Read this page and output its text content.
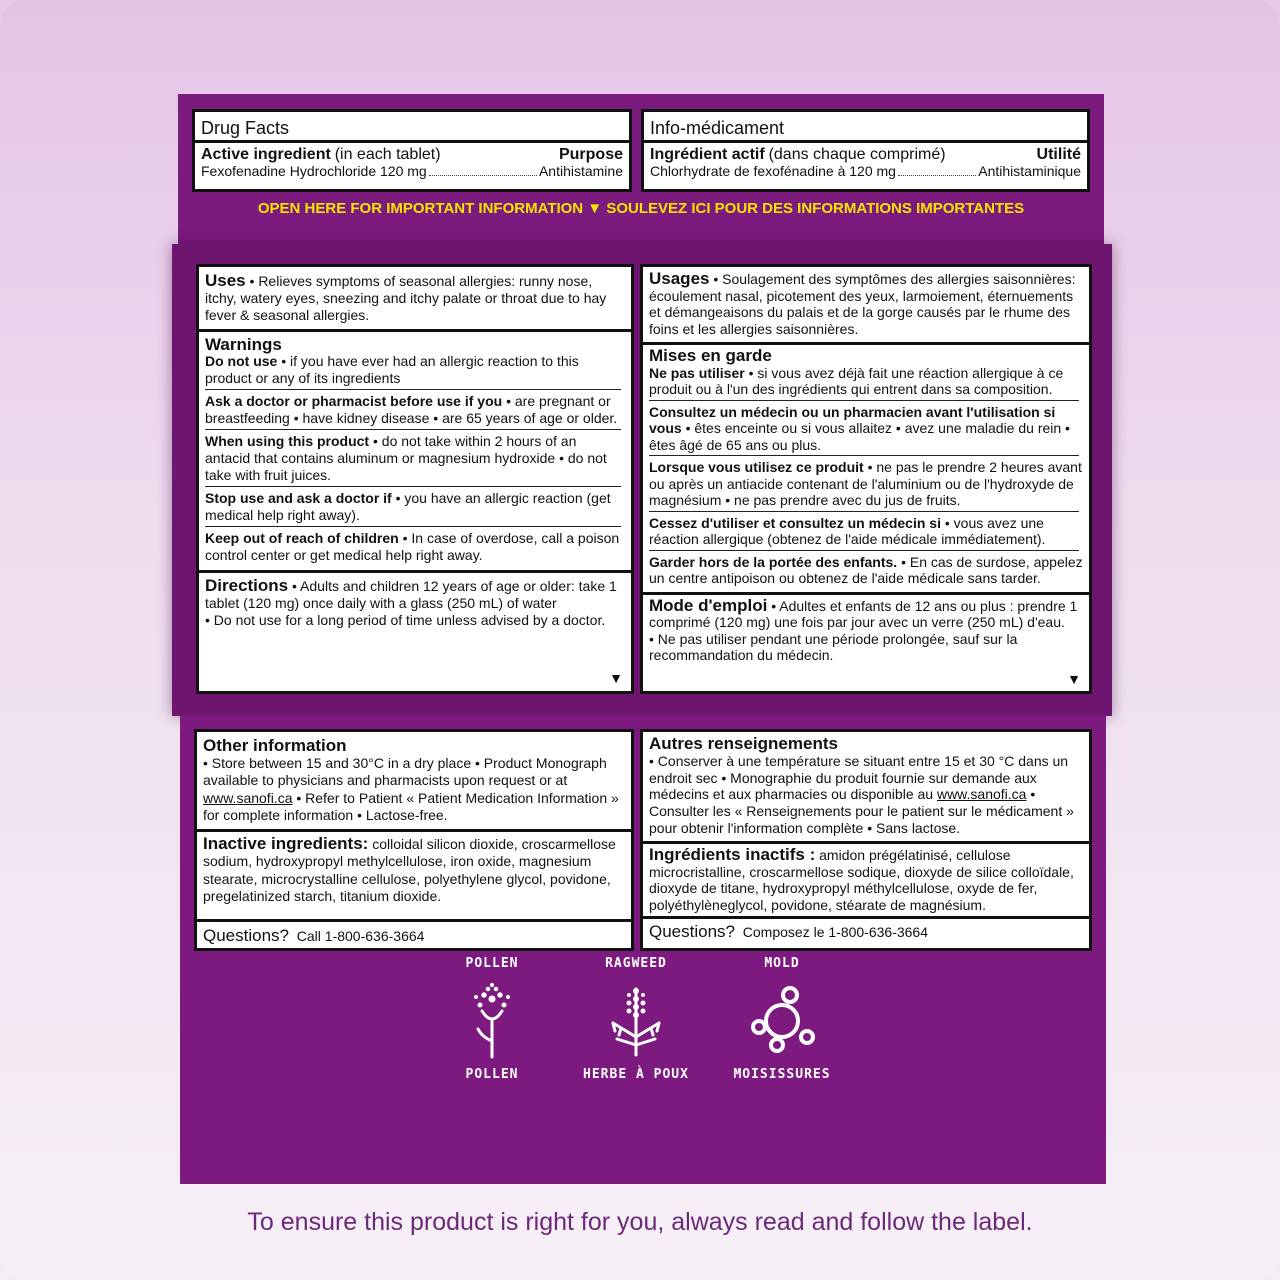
Drug Facts
Active ingredient (in each tablet)	Purpose
Fexofenadine Hydrochloride 120 mg	Antihistamine
Info-médicament
Ingrédient actif (dans chaque comprimé)	Utilité
Chlorhydrate de fexofénadine à 120 mg	Antihistaminique
OPEN HERE FOR IMPORTANT INFORMATION ▼ SOULEVEZ ICI POUR DES INFORMATIONS IMPORTANTES
Uses • Relieves symptoms of seasonal allergies: runny nose, itchy, watery eyes, sneezing and itchy palate or throat due to hay fever & seasonal allergies.
Warnings
Do not use • if you have ever had an allergic reaction to this product or any of its ingredients
Ask a doctor or pharmacist before use if you • are pregnant or breastfeeding • have kidney disease • are 65 years of age or older.
When using this product • do not take within 2 hours of an antacid that contains aluminum or magnesium hydroxide • do not take with fruit juices.
Stop use and ask a doctor if • you have an allergic reaction (get medical help right away).
Keep out of reach of children • In case of overdose, call a poison control center or get medical help right away.
Directions • Adults and children 12 years of age or older: take 1 tablet (120 mg) once daily with a glass (250 mL) of water
• Do not use for a long period of time unless advised by a doctor.
▼
Usages • Soulagement des symptômes des allergies saisonnières: écoulement nasal, picotement des yeux, larmoiement, éternuements et démangeaisons du palais et de la gorge causés par le rhume des foins et les allergies saisonnières.
Mises en garde
Ne pas utiliser • si vous avez déjà fait une réaction allergique à ce produit ou à l'un des ingrédients qui entrent dans sa composition.
Consultez un médecin ou un pharmacien avant l'utilisation si vous • êtes enceinte ou si vous allaitez • avez une maladie du rein • êtes âgé de 65 ans ou plus.
Lorsque vous utilisez ce produit • ne pas le prendre 2 heures avant ou après un antiacide contenant de l'aluminium ou de l'hydroxyde de magnésium • ne pas prendre avec du jus de fruits.
Cessez d'utiliser et consultez un médecin si • vous avez une réaction allergique (obtenez de l'aide médicale immédiatement).
Garder hors de la portée des enfants. • En cas de surdose, appelez un centre antipoison ou obtenez de l'aide médicale sans tarder.
Mode d'emploi • Adultes et enfants de 12 ans ou plus : prendre 1 comprimé (120 mg) une fois par jour avec un verre (250 mL) d'eau.
• Ne pas utiliser pendant une période prolongée, sauf sur la recommandation du médecin.
▼
Other information
• Store between 15 and 30°C in a dry place • Product Monograph available to physicians and pharmacists upon request or at www.sanofi.ca • Refer to Patient « Patient Medication Information » for complete information • Lactose-free.
Inactive ingredients: colloidal silicon dioxide, croscarmellose sodium, hydroxypropyl methylcellulose, iron oxide, magnesium stearate, microcrystalline cellulose, polyethylene glycol, povidone, pregelatinized starch, titanium dioxide.
Questions? Call 1-800-636-3664
Autres renseignements
• Conserver à une température se situant entre 15 et 30 °C dans un endroit sec • Monographie du produit fournie sur demande aux médecins et aux pharmacies ou disponible au www.sanofi.ca • Consulter les « Renseignements pour le patient sur le médicament » pour obtenir l'information complète • Sans lactose.
Ingrédients inactifs : amidon prégélatinisé, cellulose microcristalline, croscarmellose sodique, dioxyde de silice colloïdale, dioxyde de titane, hydroxypropyl méthylcellulose, oxyde de fer, polyéthylèneglycol, povidone, stéarate de magnésium.
Questions? Composez le 1-800-636-3664
POLLEN
POLLEN
RAGWEED
HERBE À POUX
MOLD
MOISISSURES
To ensure this product is right for you, always read and follow the label.
